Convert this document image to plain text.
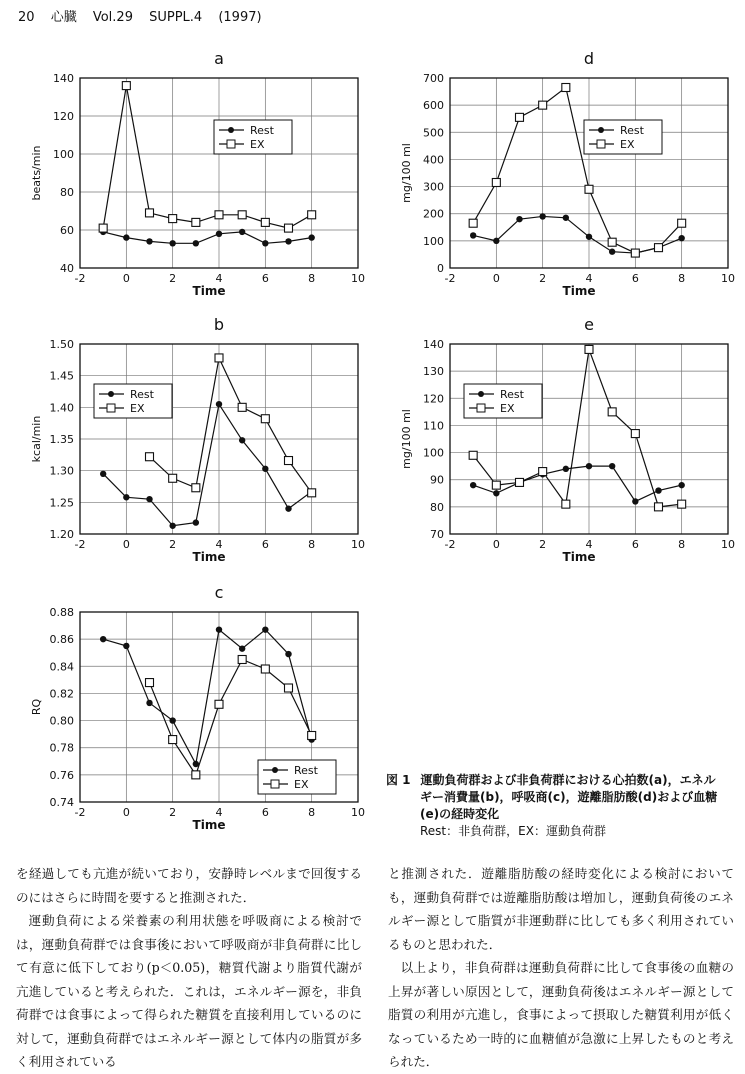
20 心臓 Vol.29 SUPPL.4 (1997)
a
40
60
80
100
120
140
-2	0	2	4	6	8	10
Time
beats/min
Rest
EX
d
0
100
200
300
400
500
600
700
-2	0	2	4	6	8	10
Time
mg/100 ml
Rest
EX
b
1.20
1.25
1.30
1.35
1.40
1.45
1.50
-2	0	2	4	6	8	10
Time
kcal/min
Rest
EX
e
70
80
90
100
110
120
130
140
-2	0	2	4	6	8	10
Time
mg/100 ml
Rest
EX
c
0.74
0.76
0.78
0.80
0.82
0.84
0.86
0.88
-2	0	2	4	6	8	10
Time
RQ
Rest
EX	図 1 運動負荷群および非負荷群における心拍数(a)，エネルギー消費量(b)，呼吸商(c)，遊離脂肪酸(d)および血糖(e)の経時変化
Rest：非負荷群，EX：運動負荷群

を経過しても亢進が続いており，安静時レベルまで回復するのにはさらに時間を要すると推測された．

運動負荷による栄養素の利用状態を呼吸商による検討では，運動負荷群では食事後において呼吸商が非負荷群に比して有意に低下しており(p＜0.05)，糖質代謝より脂質代謝が亢進していると考えられた．これは，エネルギー源を，非負荷群では食事によって得られた糖質を直接利用しているのに対して，運動負荷群ではエネルギー源として体内の脂質が多く利用されている

と推測された．遊離脂肪酸の経時変化による検討においても，運動負荷群では遊離脂肪酸は増加し，運動負荷後のエネルギー源として脂質が非運動群に比しても多く利用されているものと思われた．

以上より，非負荷群は運動負荷群に比して食事後の血糖の上昇が著しい原因として，運動負荷後はエネルギー源として脂質の利用が亢進し，食事によって摂取した糖質利用が低くなっているため一時的に血糖値が急激に上昇したものと考えられた．
